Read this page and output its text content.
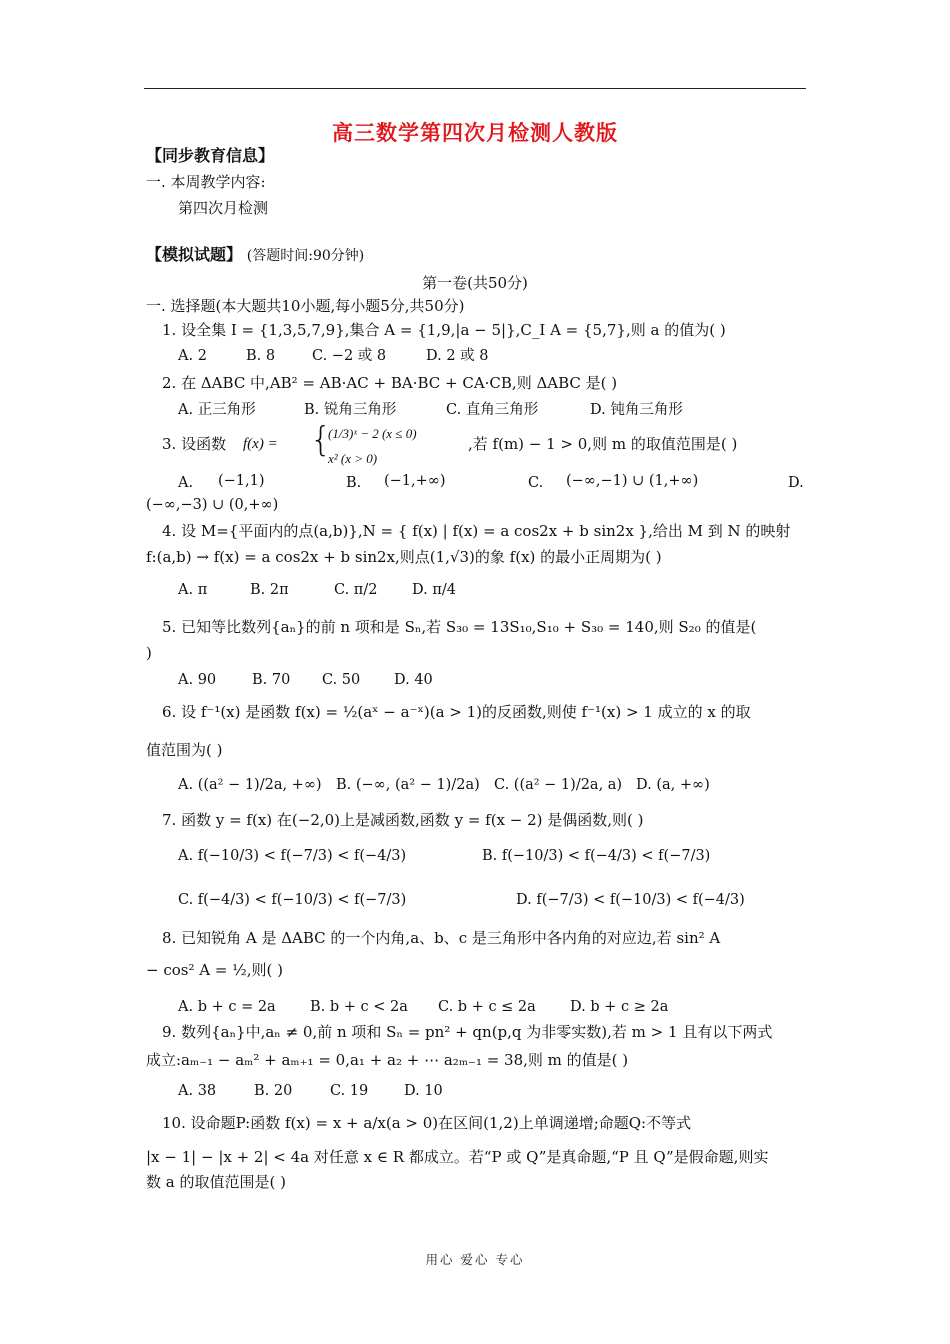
高三数学第四次月检测人教版
【同步教育信息】
一. 本周教学内容:
第四次月检测
【模拟试题】 (答题时间:90分钟)
第一卷(共50分)
一. 选择题(本大题共10小题,每小题5分,共50分)
1. 设全集 I = {1,3,5,7,9},集合 A = {1,9,|a − 5|},C_I A = {5,7},则 a 的值为( )
A. 2	B. 8	C. −2 或 8	D. 2 或 8
2. 在 ΔABC 中,AB² = AB·AC + BA·BC + CA·CB,则 ΔABC 是( )
A. 正三角形	B. 锐角三角形	C. 直角三角形	D. 钝角三角形
3. 设函数 f(x) = {
(1/3)ˣ − 2 (x ≤ 0)
x² (x > 0)
,若 f(m) − 1 > 0,则 m 的取值范围是( )
A. (−1,1)	B. (−1,+∞)	C. (−∞,−1) ∪ (1,+∞)	D.
(−∞,−3) ∪ (0,+∞)
4. 设 M={平面内的点(a,b)},N = { f(x) | f(x) = a cos2x + b sin2x },给出 M 到 N 的映射
f:(a,b) → f(x) = a cos2x + b sin2x,则点(1,√3)的象 f(x) 的最小正周期为( )
A. π	B. 2π	C. π/2 D. π/4
5. 已知等比数列{aₙ}的前 n 项和是 Sₙ,若 S₃₀ = 13S₁₀,S₁₀ + S₃₀ = 140,则 S₂₀ 的值是(
)
A. 90 B. 70 C. 50 D. 40
6. 设 f⁻¹(x) 是函数 f(x) = ½(aˣ − a⁻ˣ)(a > 1)的反函数,则使 f⁻¹(x) > 1 成立的 x 的取
值范围为( )
A. ((a² − 1)/2a, +∞) B. (−∞, (a² − 1)/2a) C. ((a² − 1)/2a, a) D. (a, +∞)
7. 函数 y = f(x) 在(−2,0)上是减函数,函数 y = f(x − 2) 是偶函数,则( )
A. f(−10/3) < f(−7/3) < f(−4/3)	B. f(−10/3) < f(−4/3) < f(−7/3)
C. f(−4/3) < f(−10/3) < f(−7/3)	D. f(−7/3) < f(−10/3) < f(−4/3)
8. 已知锐角 A 是 ΔABC 的一个内角,a、b、c 是三角形中各内角的对应边,若 sin² A
− cos² A = ½,则( )
A. b + c = 2a B. b + c < 2a C. b + c ≤ 2a D. b + c ≥ 2a
9. 数列{aₙ}中,aₙ ≠ 0,前 n 项和 Sₙ = pn² + qn(p,q 为非零实数),若 m > 1 且有以下两式
成立:aₘ₋₁ − aₘ² + aₘ₊₁ = 0,a₁ + a₂ + ⋯ a₂ₘ₋₁ = 38,则 m 的值是( )
A. 38	B. 20	C. 19 D. 10
10. 设命题P:函数 f(x) = x + a/x(a > 0)在区间(1,2)上单调递增;命题Q:不等式
|x − 1| − |x + 2| < 4a 对任意 x ∈ R 都成立。若“P 或 Q”是真命题,“P 且 Q”是假命题,则实
数 a 的取值范围是( )
用心 爱心 专心
